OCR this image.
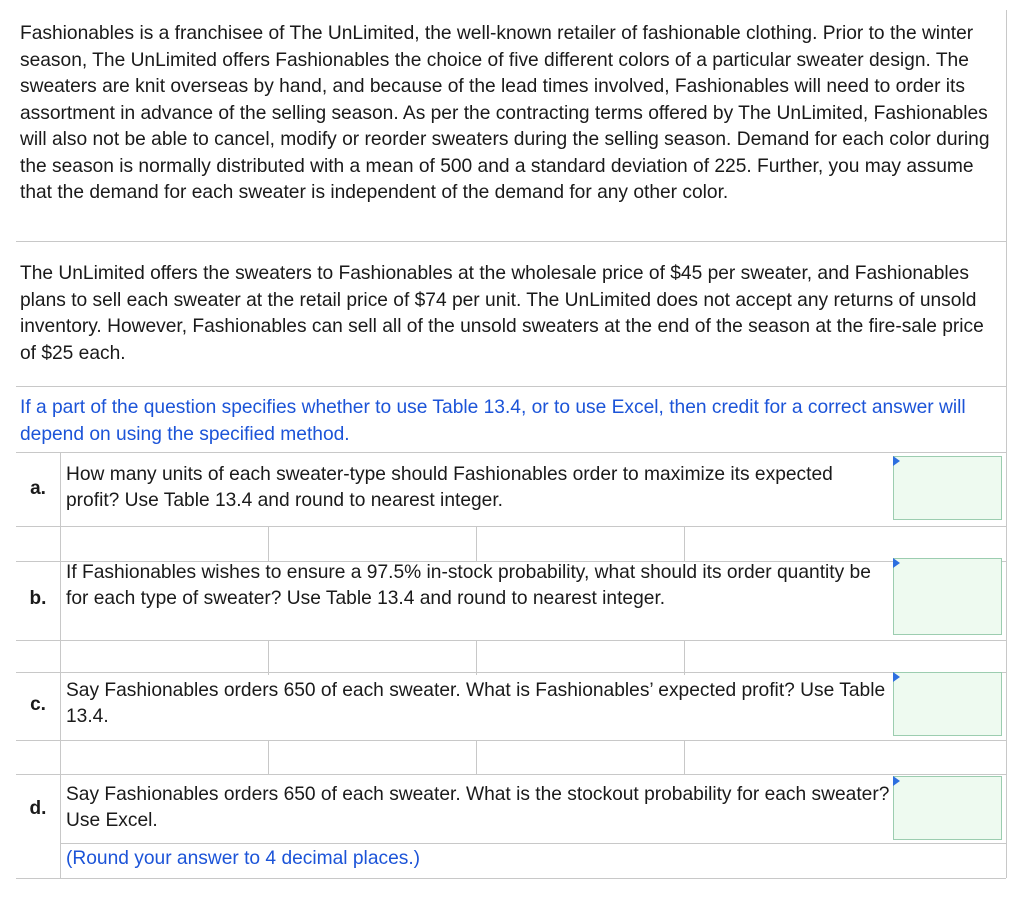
Fashionables is a franchisee of The UnLimited, the well-known retailer of fashionable clothing. Prior to the winter season, The UnLimited offers Fashionables the choice of five different colors of a particular sweater design. The sweaters are knit overseas by hand, and because of the lead times involved, Fashionables will need to order its assortment in advance of the selling season. As per the contracting terms offered by The UnLimited, Fashionables will also not be able to cancel, modify or reorder sweaters during the selling season. Demand for each color during the season is normally distributed with a mean of 500 and a standard deviation of 225. Further, you may assume that the demand for each sweater is independent of the demand for any other color.

The UnLimited offers the sweaters to Fashionables at the wholesale price of $45 per sweater, and Fashionables plans to sell each sweater at the retail price of $74 per unit. The UnLimited does not accept any returns of unsold inventory. However, Fashionables can sell all of the unsold sweaters at the end of the season at the fire-sale price of $25 each.

If a part of the question specifies whether to use Table 13.4, or to use Excel, then credit for a correct answer will depend on using the specified method.

a.
How many units of each sweater-type should Fashionables order to maximize its expected profit? Use Table 13.4 and round to nearest integer.
b.
If Fashionables wishes to ensure a 97.5% in-stock probability, what should its order quantity be for each type of sweater? Use Table 13.4 and round to nearest integer.
c.
Say Fashionables orders 650 of each sweater. What is Fashionables’ expected profit? Use Table 13.4.
d.
Say Fashionables orders 650 of each sweater. What is the stockout probability for each sweater? Use Excel.
(Round your answer to 4 decimal places.)
